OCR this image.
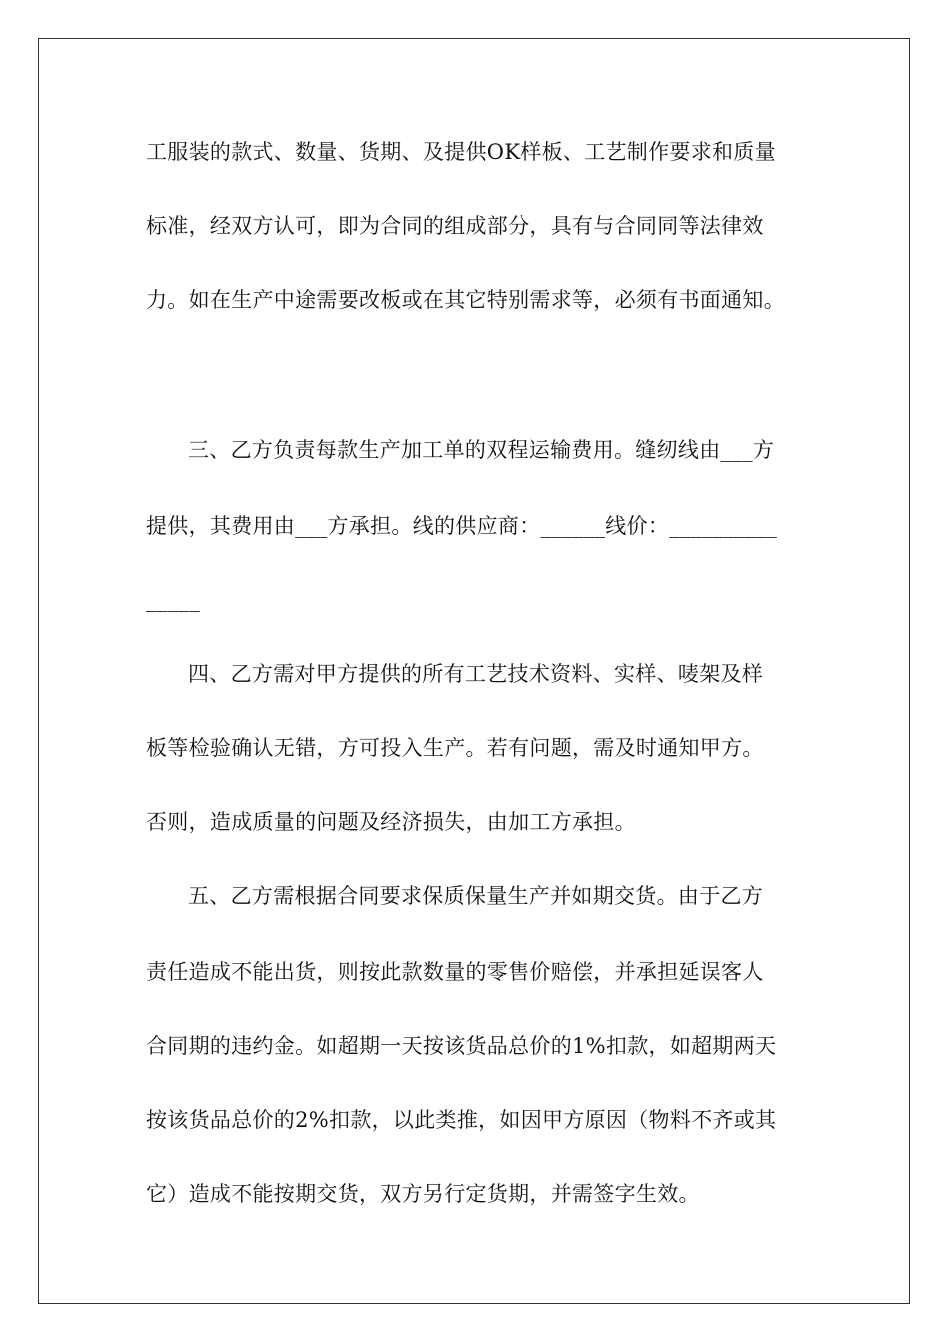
工服装的款式、数量、货期、及提供OK样板、工艺制作要求和质量
标准，经双方认可，即为合同的组成部分，具有与合同同等法律效
力。如在生产中途需要改板或在其它特别需求等，必须有书面通知。
三、乙方负责每款生产加工单的双程运输费用。缝纫线由___方
提供，其费用由___方承担。线的供应商：______线价：__________
_____
四、乙方需对甲方提供的所有工艺技术资料、实样、唛架及样
板等检验确认无错，方可投入生产。若有问题，需及时通知甲方。
否则，造成质量的问题及经济损失，由加工方承担。
五、乙方需根据合同要求保质保量生产并如期交货。由于乙方
责任造成不能出货，则按此款数量的零售价赔偿，并承担延误客人
合同期的违约金。如超期一天按该货品总价的1%扣款，如超期两天
按该货品总价的2%扣款，以此类推，如因甲方原因（物料不齐或其
它）造成不能按期交货，双方另行定货期，并需签字生效。
